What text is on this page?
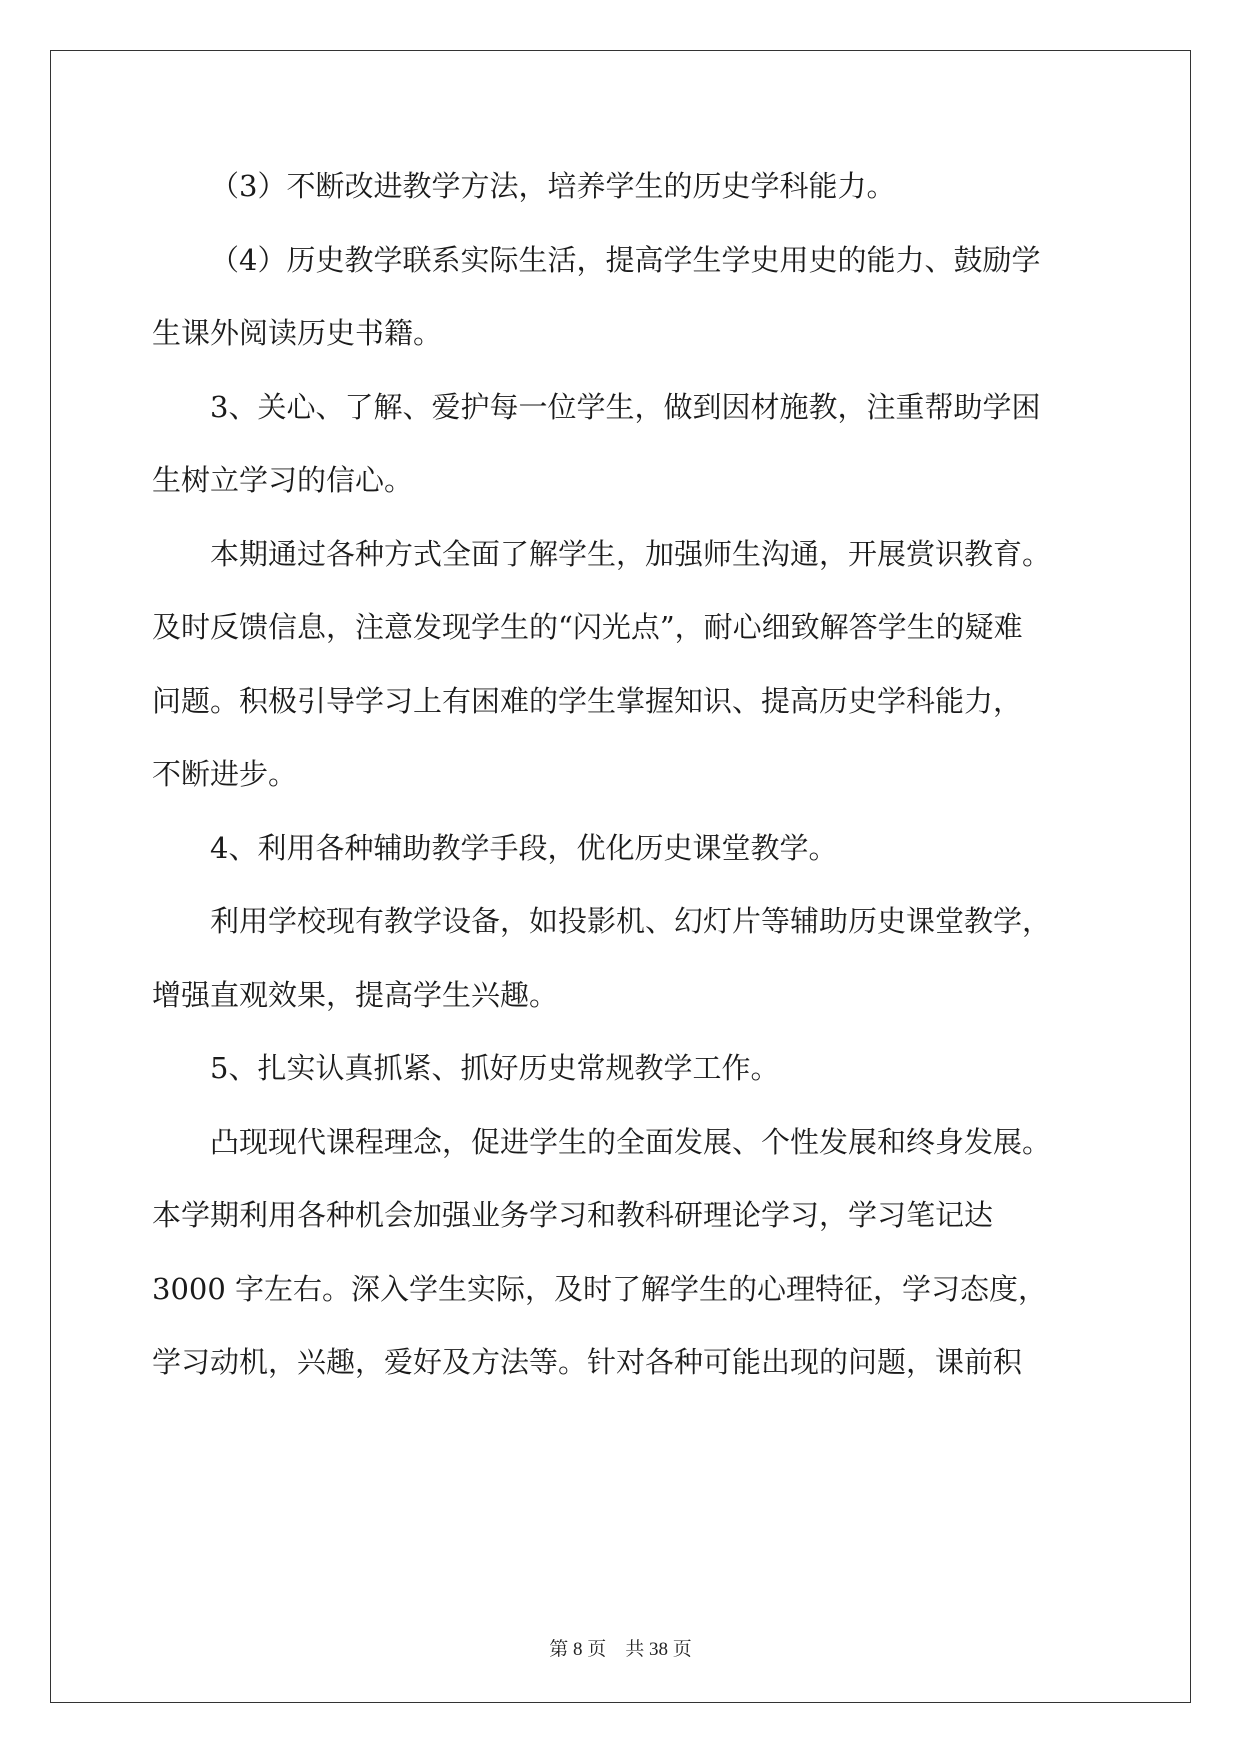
（3）不断改进教学方法，培养学生的历史学科能力。

（4）历史教学联系实际生活，提高学生学史用史的能力、鼓励学
生课外阅读历史书籍。

3、关心、了解、爱护每一位学生，做到因材施教，注重帮助学困
生树立学习的信心。

本期通过各种方式全面了解学生，加强师生沟通，开展赏识教育。
及时反馈信息，注意发现学生的“闪光点”，耐心细致解答学生的疑难
问题。积极引导学习上有困难的学生掌握知识、提高历史学科能力，
不断进步。

4、利用各种辅助教学手段，优化历史课堂教学。

利用学校现有教学设备，如投影机、幻灯片等辅助历史课堂教学，
增强直观效果，提高学生兴趣。

5、扎实认真抓紧、抓好历史常规教学工作。

凸现现代课程理念，促进学生的全面发展、个性发展和终身发展。
本学期利用各种机会加强业务学习和教科研理论学习，学习笔记达
3000 字左右。深入学生实际，及时了解学生的心理特征，学习态度，
学习动机，兴趣，爱好及方法等。针对各种可能出现的问题，课前积

第 8 页　共 38 页
